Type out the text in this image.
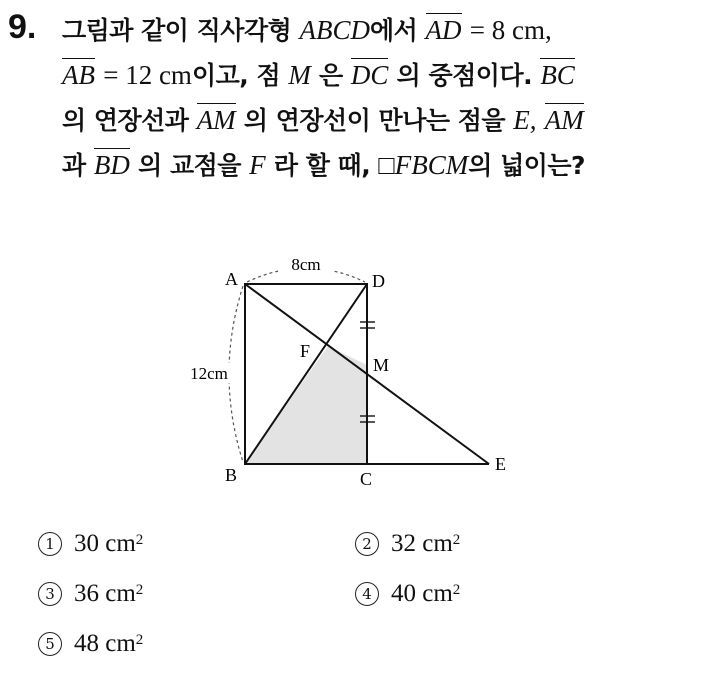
9. 그림과 같이 직사각형 ABCD에서 AD = 8 cm,
AB = 12 cm이고, 점 M 은 DC 의 중점이다. BC
의 연장선과 AM 의 연장선이 만나는 점을 E, AM
과 BD 의 교점을 F 라 할 때, □FBCM의 넓이는?
8cm
12cm
A	D
B	C
E
F
M
1 30
$cm^2$	2 32
$cm^2$
3 36
$cm^2$	4 40
$cm^2$
5 48
$cm^2$
